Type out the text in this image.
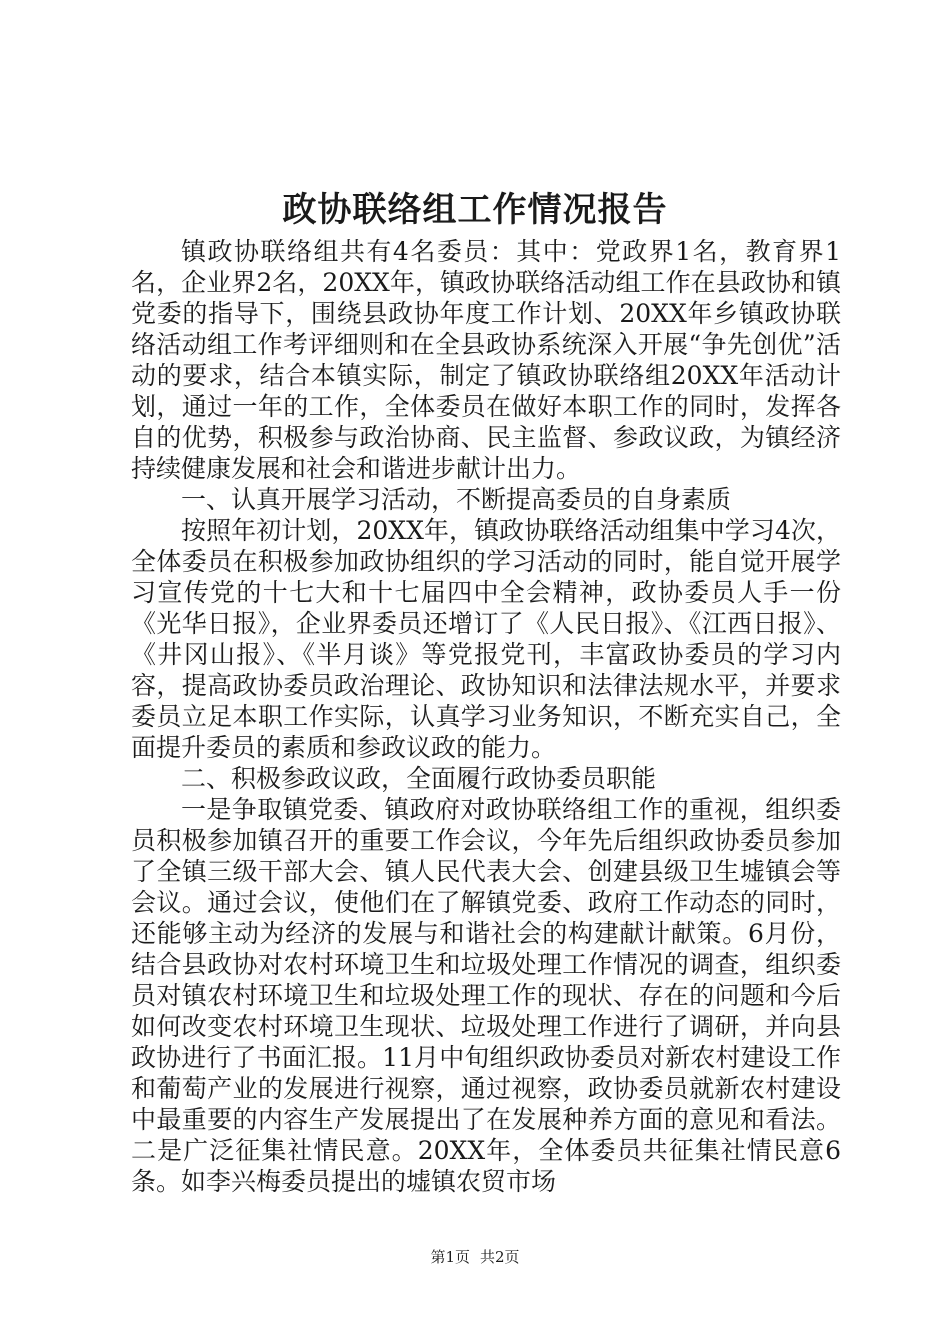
政协联络组工作情况报告

镇政协联络组共有4名委员：其中：党政界1名，教育界1名，企业界2名，20XX年，镇政协联络活动组工作在县政协和镇党委的指导下，围绕县政协年度工作计划、20XX年乡镇政协联络活动组工作考评细则和在全县政协系统深入开展“争先创优”活动的要求，结合本镇实际，制定了镇政协联络组20XX年活动计划，通过一年的工作，全体委员在做好本职工作的同时，发挥各自的优势，积极参与政治协商、民主监督、参政议政，为镇经济持续健康发展和社会和谐进步献计出力。

一、认真开展学习活动，不断提高委员的自身素质

按照年初计划，20XX年，镇政协联络活动组集中学习4次，全体委员在积极参加政协组织的学习活动的同时，能自觉开展学习宣传党的十七大和十七届四中全会精神，政协委员人手一份《光华日报》，企业界委员还增订了《人民日报》、《江西日报》、《井冈山报》、《半月谈》等党报党刊，丰富政协委员的学习内容，提高政协委员政治理论、政协知识和法律法规水平，并要求委员立足本职工作实际，认真学习业务知识，不断充实自己，全面提升委员的素质和参政议政的能力。

二、积极参政议政，全面履行政协委员职能

一是争取镇党委、镇政府对政协联络组工作的重视，组织委员积极参加镇召开的重要工作会议，今年先后组织政协委员参加了全镇三级干部大会、镇人民代表大会、创建县级卫生墟镇会等会议。通过会议，使他们在了解镇党委、政府工作动态的同时，还能够主动为经济的发展与和谐社会的构建献计献策。6月份，结合县政协对农村环境卫生和垃圾处理工作情况的调查，组织委员对镇农村环境卫生和垃圾处理工作的现状、存在的问题和今后如何改变农村环境卫生现状、垃圾处理工作进行了调研，并向县政协进行了书面汇报。11月中旬组织政协委员对新农村建设工作和葡萄产业的发展进行视察，通过视察，政协委员就新农村建设中最重要的内容生产发展提出了在发展种养方面的意见和看法。二是广泛征集社情民意。20XX年，全体委员共征集社情民意6条。如李兴梅委员提出的墟镇农贸市场

第1页 共2页
